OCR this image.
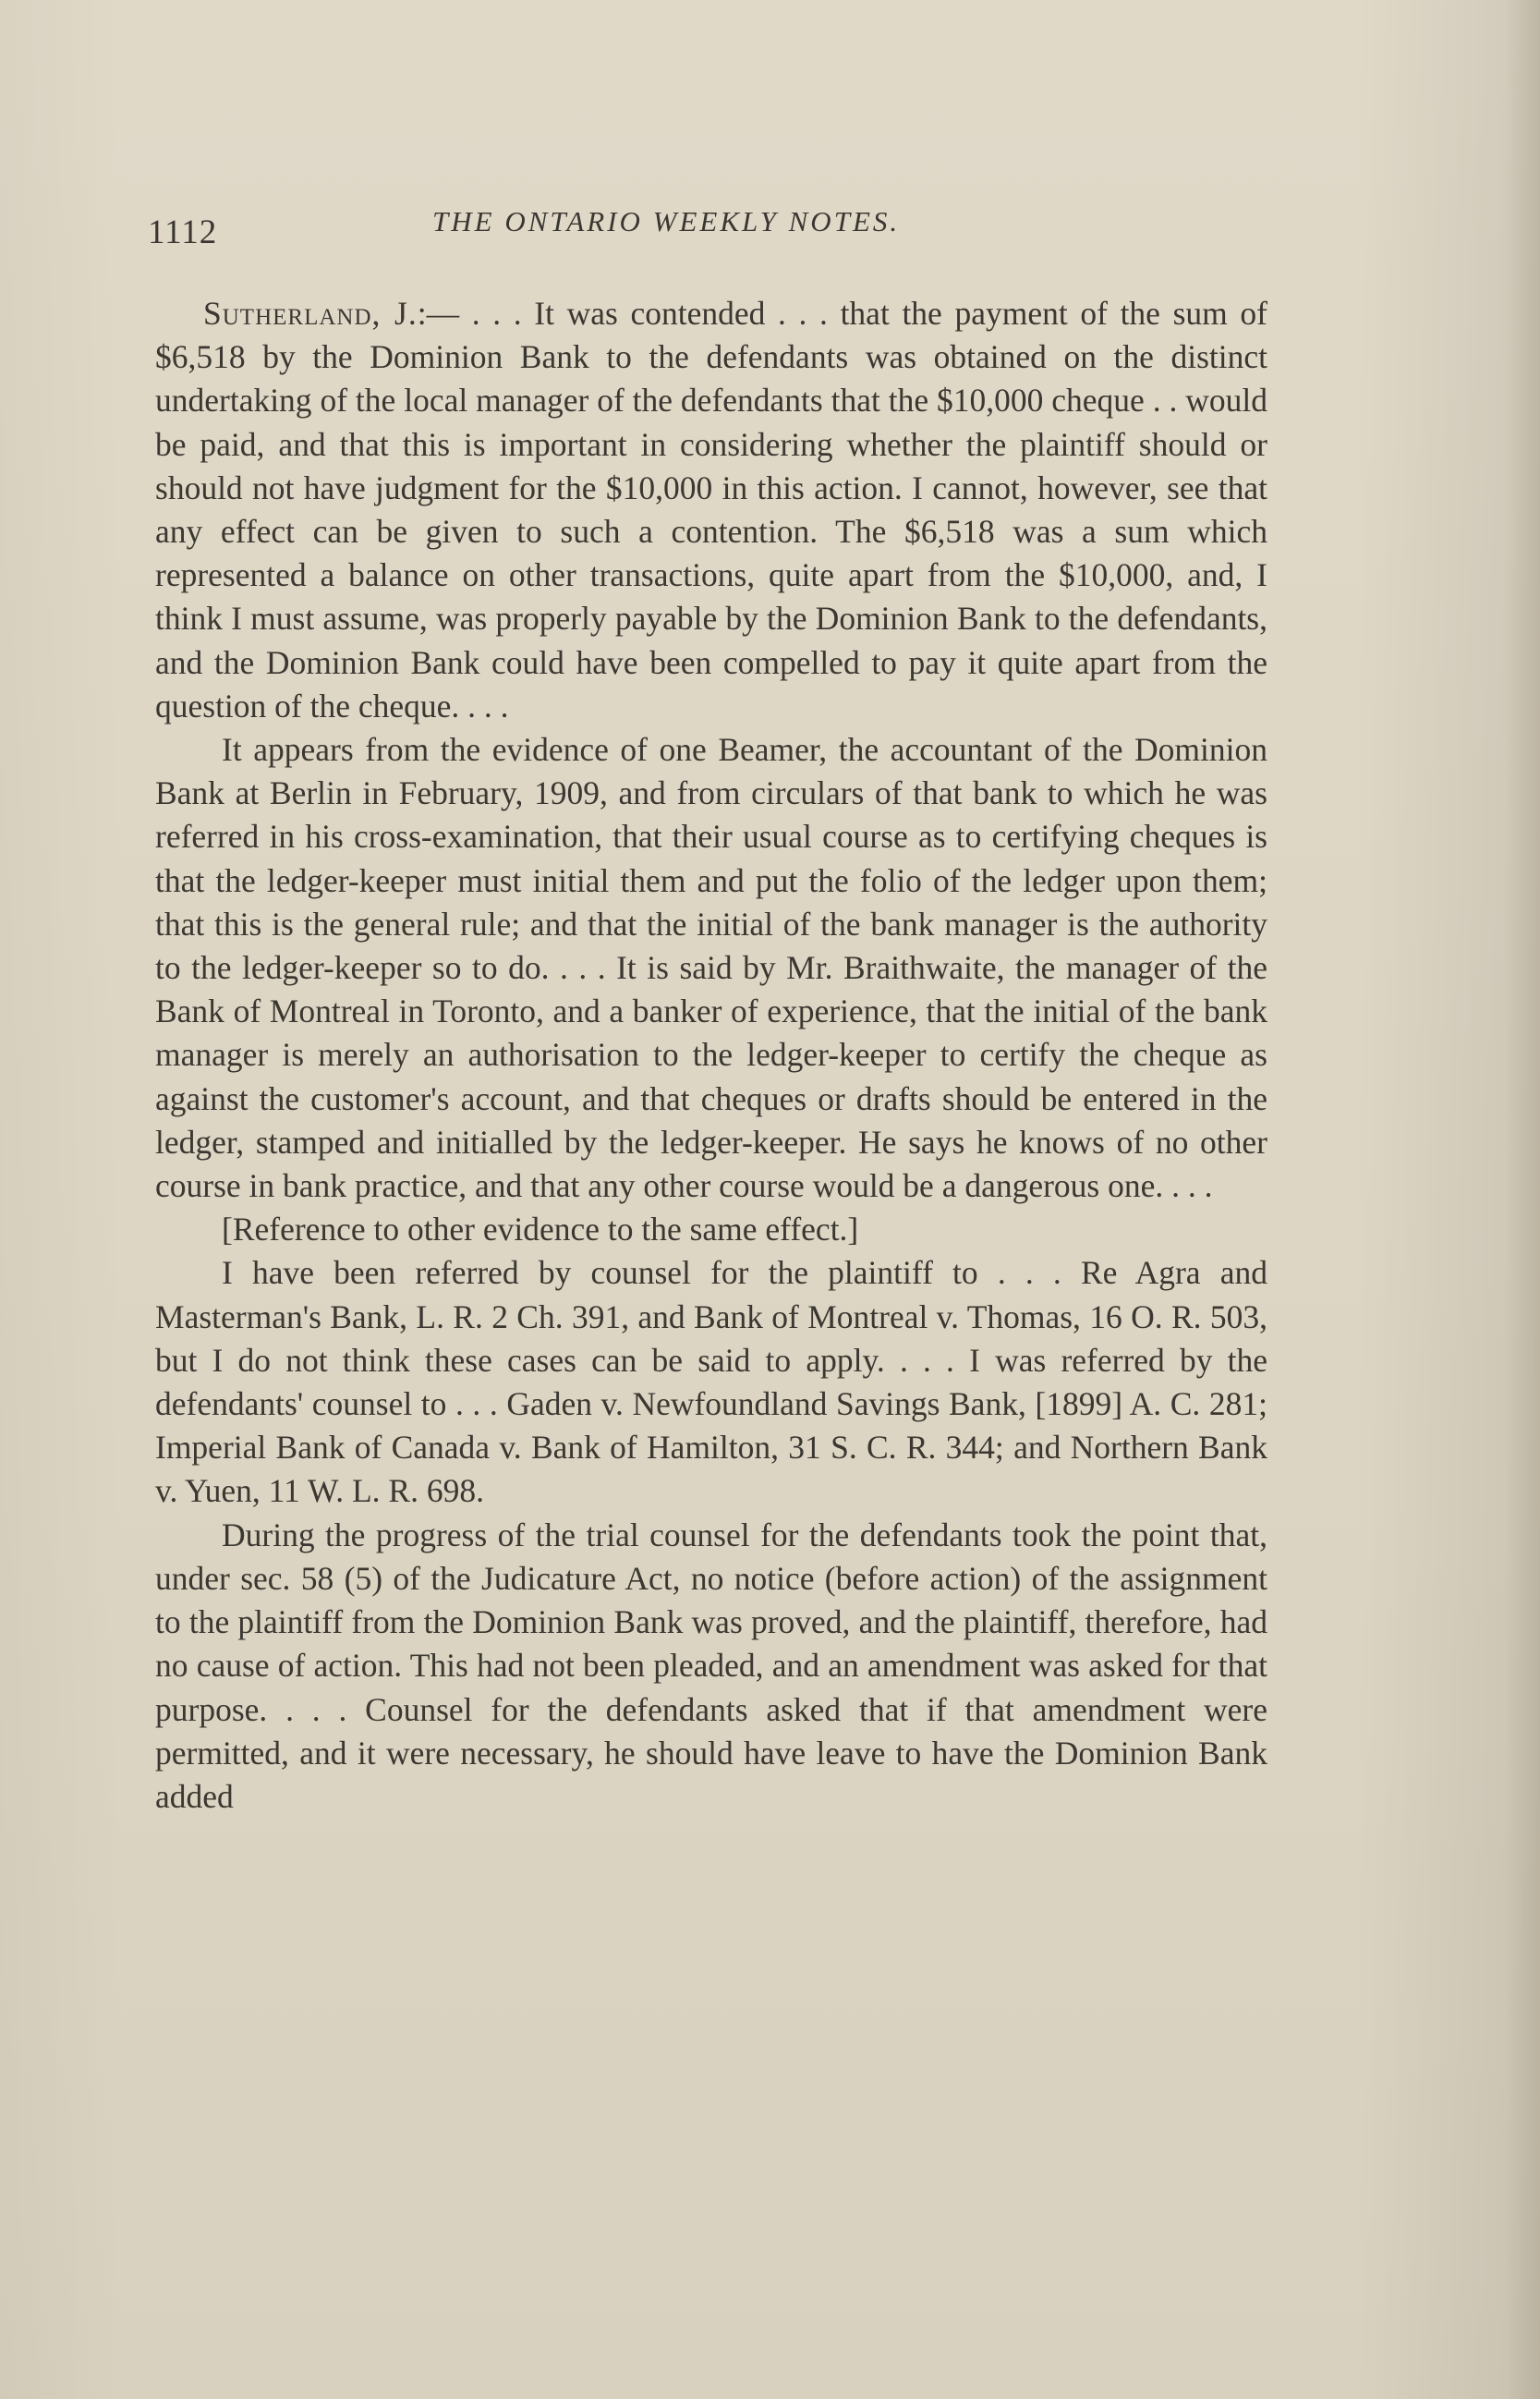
1112	THE ONTARIO WEEKLY NOTES.

Sutherland, J.:— . . . It was contended . . . that the payment of the sum of $6,518 by the Dominion Bank to the defendants was obtained on the distinct undertaking of the local manager of the defendants that the $10,000 cheque . . would be paid, and that this is important in considering whether the plaintiff should or should not have judgment for the $10,000 in this action. I cannot, however, see that any effect can be given to such a contention. The $6,518 was a sum which represented a balance on other transactions, quite apart from the $10,000, and, I think I must assume, was properly payable by the Dominion Bank to the defendants, and the Dominion Bank could have been compelled to pay it quite apart from the question of the cheque. . . .

It appears from the evidence of one Beamer, the accountant of the Dominion Bank at Berlin in February, 1909, and from circulars of that bank to which he was referred in his cross-examination, that their usual course as to certifying cheques is that the ledger-keeper must initial them and put the folio of the ledger upon them; that this is the general rule; and that the initial of the bank manager is the authority to the ledger-keeper so to do. . . . It is said by Mr. Braithwaite, the manager of the Bank of Montreal in Toronto, and a banker of experience, that the initial of the bank manager is merely an authorisation to the ledger-keeper to certify the cheque as against the customer's account, and that cheques or drafts should be entered in the ledger, stamped and initialled by the ledger-keeper. He says he knows of no other course in bank practice, and that any other course would be a dangerous one. . . .

[Reference to other evidence to the same effect.]

I have been referred by counsel for the plaintiff to . . . Re Agra and Masterman's Bank, L. R. 2 Ch. 391, and Bank of Montreal v. Thomas, 16 O. R. 503, but I do not think these cases can be said to apply. . . . I was referred by the defendants' counsel to . . . Gaden v. Newfoundland Savings Bank, [1899] A. C. 281; Imperial Bank of Canada v. Bank of Hamilton, 31 S. C. R. 344; and Northern Bank v. Yuen, 11 W. L. R. 698.

During the progress of the trial counsel for the defendants took the point that, under sec. 58 (5) of the Judicature Act, no notice (before action) of the assignment to the plaintiff from the Dominion Bank was proved, and the plaintiff, therefore, had no cause of action. This had not been pleaded, and an amendment was asked for that purpose. . . . Counsel for the defendants asked that if that amendment were permitted, and it were necessary, he should have leave to have the Dominion Bank added
